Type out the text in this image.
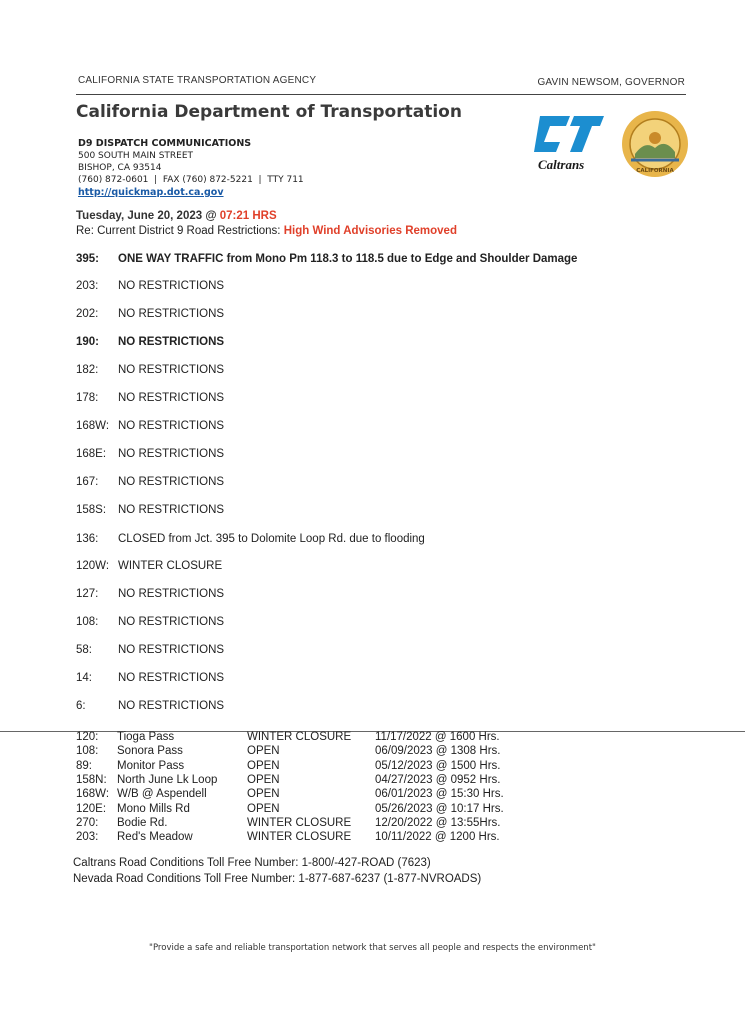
CALIFORNIA STATE TRANSPORTATION AGENCY	GAVIN NEWSOM, GOVERNOR
California Department of Transportation
Caltrans	CALIFORNIA
D9 DISPATCH COMMUNICATIONS
500 SOUTH MAIN STREET
BISHOP, CA 93514
(760) 872-0601  |  FAX (760) 872-5221  |  TTY 711
http://quickmap.dot.ca.gov
Tuesday, June 20, 2023 @ 07:21 HRS
Re: Current District 9 Road Restrictions: High Wind Advisories Removed
395: ONE WAY TRAFFIC from Mono Pm 118.3 to 118.5 due to Edge and Shoulder Damage
203: NO RESTRICTIONS
202: NO RESTRICTIONS
190: NO RESTRICTIONS
182: NO RESTRICTIONS
178: NO RESTRICTIONS
168W: NO RESTRICTIONS
168E: NO RESTRICTIONS
167: NO RESTRICTIONS
158S: NO RESTRICTIONS
136: CLOSED from Jct. 395 to Dolomite Loop Rd. due to flooding
120W: WINTER CLOSURE
127: NO RESTRICTIONS
108: NO RESTRICTIONS
58: NO RESTRICTIONS
14: NO RESTRICTIONS
6:	NO RESTRICTIONS
120: Tioga Pass	WINTER CLOSURE 11/17/2022 @ 1600 Hrs.
108: Sonora Pass	OPEN	06/09/2023 @ 1308 Hrs.
89: Monitor Pass	OPEN	05/12/2023 @ 1500 Hrs.
158N: North June Lk Loop	OPEN	04/27/2023 @ 0952 Hrs.
168W: W/B @ Aspendell	OPEN	06/01/2023 @ 15:30 Hrs.
120E: Mono Mills Rd	OPEN	05/26/2023 @ 10:17 Hrs.
270: Bodie Rd.	WINTER CLOSURE 12/20/2022 @ 13:55Hrs.
203: Red's Meadow	WINTER CLOSURE 10/11/2022 @ 1200 Hrs.
Caltrans Road Conditions Toll Free Number: 1-800/-427-ROAD (7623)
Nevada Road Conditions Toll Free Number: 1-877-687-6237 (1-877-NVROADS)
"Provide a safe and reliable transportation network that serves all people and respects the environment"
